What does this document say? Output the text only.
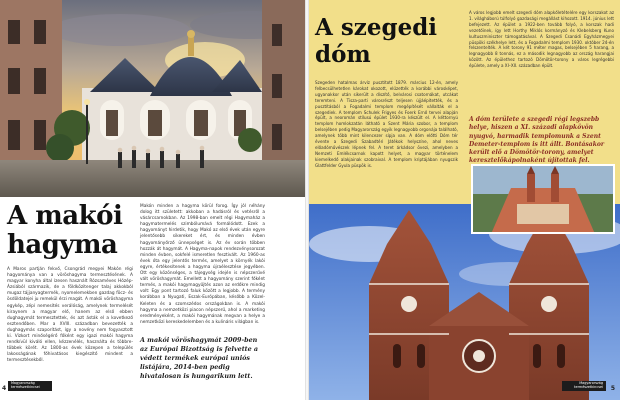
A makói hagyma

A Maros partján fekvő, Csongrád megyei Makón régi hagyománya van a vöröshagyma termesztésének. A magyar konyha által ízesen használt Rózsaméves Hózép-Ázsiából származik, de a földközitenger talaj akkokból mugaz tájjanyagtermék, nyomelemekben gazdag föcz- és ösdöldatejei ju remekül érzi magát. A makói vöröshagyma egykép, zépí nemesítés verálóság, amelynek termelését kiraynem a magyar elő, hanem az első ebben dughagymát termesztettek, és azt ásták el a kovetkező esztendőben. Mar a XVIII. században bevezették a dughagymás szaporítást, így a novény nem fogyasztott ki. Vizkort minőségérő főként egy igazi makói hagyma rendkívül kiváló ellen, kézzenélés, használta és többre-többek körét. Az 1800-as évek közepen a település lakosságának főhivatásos kiegészítő mindent a termesztésekből.

Makón minden a hagyma körül forog. Így jól néhány dolog itt született: akkoban a hadásról és vetésről a vásárcsarnokban. Az 1998-ban emelt régi Hagymaház a hagymatermelés szimbólumává formálódott. Ezek a hagyományt hirdetik, hogy Makó az első évek után egyre jelentősebb sikereket ért, és minden évben hagyományőrző ünnepséget is. Az év során többen hozzák át hagymát. A Hagyma-napok rendezvénysorozat minden évben, sokfelé ismeretlen fesztivált. Az 1960-as évek óta egy jelentős termés, amelyet a környék lakói egyre, értékesítenek a hagyma újraélesztése jegyében. Ott egy közönséges, a tájegység idején is népszerűvé vált vöröshagymát. Emellett a hagyomány szerint főként termés, a makói hagymagyűjtés azon az erdőkre mindig volt: Egy pont tartozó faluk között a legjobb. A termény korábban a Nyugati, Eszak-Európában, később a Közel-Keleten és a szomszédos országokban is. A makói hagyma a nemzetközi piacon népszerű, ahol a marketing eredményeként, a makói hagymának megvan a helye a nemzetközi kereskedelemben és a kulináris világban is.

A makói vöröshagymát 2009-ben az Európai Bizottság is felvette a védett termékek európai uniós listájára, 2014-ben pedig hivatalosan is hungarikum lett.

Magyarország természetkincsei
4
A szegedi dóm

Szegeden hatalmas árvíz pusztított 1879. március 12-én, amely felbecsülhetetlen károkat okozott, elűzették a korábbi városképet, ugyanakkor után sikerült a díszítő, belvárosi csatornákat, utcákat teremteni. A Tisza-parti városrészt teljesen újjáépítették, és a pusztításból a Fogadalmi templom megépítését vállalták el a szegediek. A templom Schulek Frigyes és Foerk Ernő tervei alapján épült, a neoromán stílusú épület 1930-ra készült el. A kéttornyú templom homlokzatán látható a Szent Mária szobor, a templom belsejében pedig Magyarország egyik legnagyobb orgonája található, amelynek több mint kilencezer sípja van. A dóm előtti Dóm tér évente a Szegedi Szabadtéri Játékok helyszíne, ahol neves előadóművészek lépnek fel. A teret árkádsor övezi, amelyben a Nemzeti Emlékcsarnok kapott helyet, a magyar történelem kiemelkedő alakjainak szobraival. A templom kriptájában nyugszik Glattfelder Gyula püspök is.

A város legjobb emelt szegedi dóm alapkőletételére egy korszakot az 1. világháború túlfolyó gazdasági megállást kihozott. 1914. június lett befejezett. Az épület a 1922-ben tovább folyó, a korszak hadi vezetőinek, így lett Horthy Miklós kormányzó és Klebelsberg Kuno kultuszminiszter támogatásával. A Szegedi Csanádi Egyházmegyei püspöki székhelye lett, és a Fogadalmi templom 1930. október 24-én felszentelték. A két torony 91 méter magas, belsejében 5 harang, a legnagyobb 8 tonnás, ez a második legnagyobb az ország harangjai között. Az épülethez tartozó Dömötör-torony a város legrégebbi épülete, amely a XI–XII. században épült.

A dóm területe a szegedi régi legszebb helye, hiszen a XI. századi alapkövön nyugvó, harmadik templomunk a Szent Demeter-templom is itt állt. Bontásakor került elő a Dömötör-torony, amelyet keresztelőkápolnaként újítottak fel.

Magyarország természetkincsei	5
